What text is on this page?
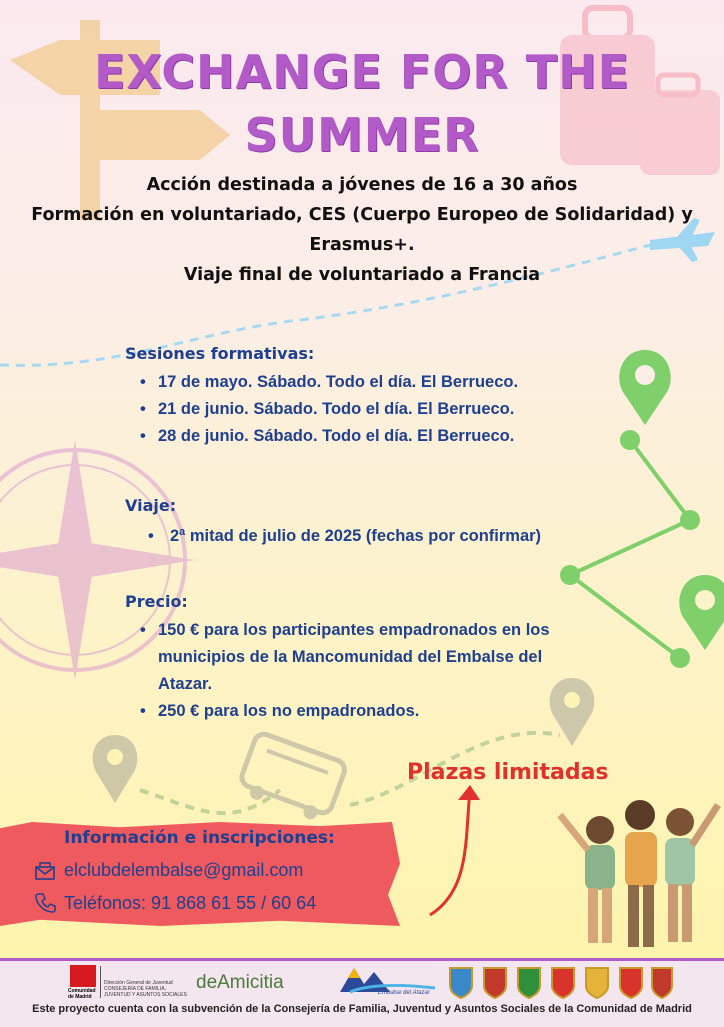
EXCHANGE FOR THE
SUMMER
Acción destinada a jóvenes de 16 a 30 años
Formación en voluntariado, CES (Cuerpo Europeo de Solidaridad) y
Erasmus+.
Viaje final de voluntariado a Francia
Sesiones formativas:
• 17 de mayo. Sábado. Todo el día. El Berrueco.
• 21 de junio. Sábado. Todo el día. El Berrueco.
• 28 de junio. Sábado. Todo el día. El Berrueco.
Viaje:
• 2ª mitad de julio de 2025 (fechas por confirmar)
Precio:
• 150 € para los participantes empadronados en los
municipios de la Mancomunidad del Embalse del
Atazar.
• 250 € para los no empadronados.
Plazas limitadas
Información e inscripciones:
elclubdelembalse@gmail.com
Teléfonos: 91 868 61 55 / 60 64
Comunidad
de Madrid
Dirección General de Juventud
CONSEJERÍA DE FAMILIA,
JUVENTUD Y ASUNTOS SOCIALES
deAmicitia	Embalse del Atazar
Este proyecto cuenta con la subvención de la Consejería de Familia, Juventud y Asuntos Sociales de la Comunidad de Madrid
